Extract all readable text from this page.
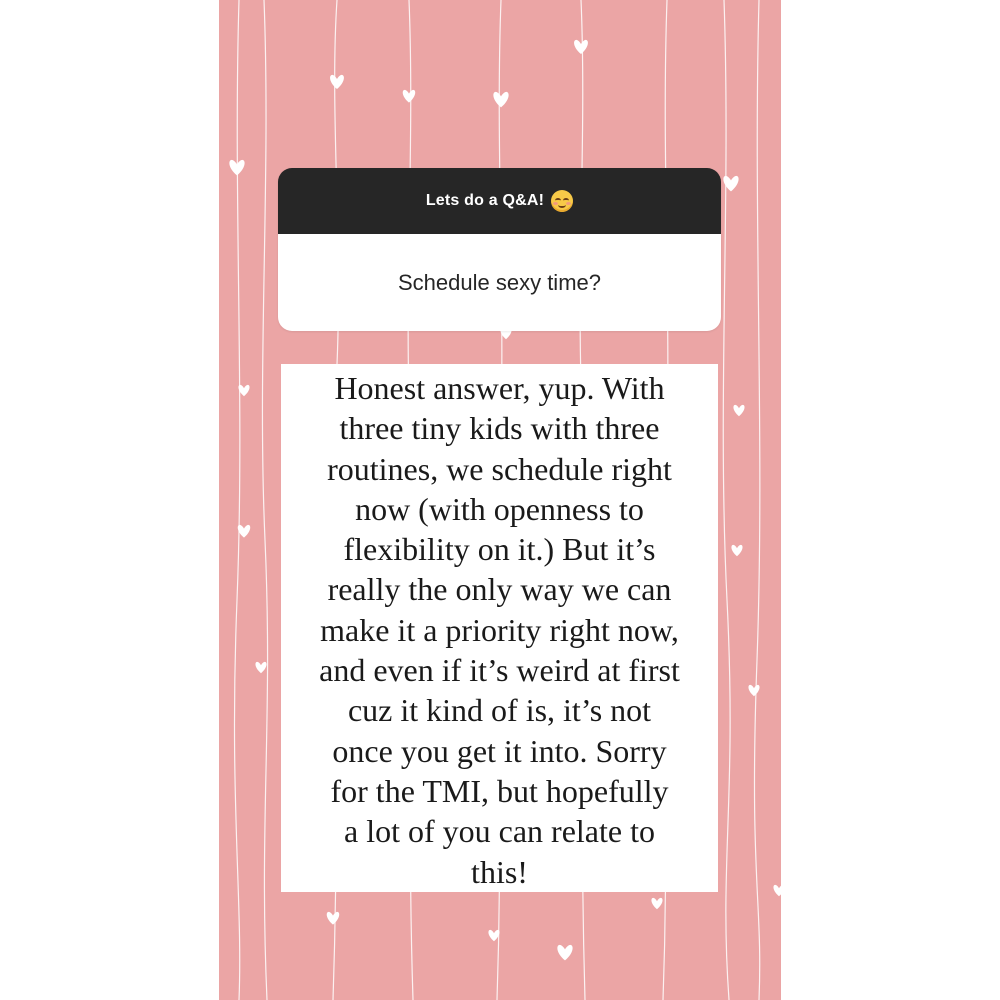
Lets do a Q&A!
Schedule sexy time?
Honest answer, yup. With
three tiny kids with three
routines, we schedule right
now (with openness to
flexibility on it.) But it’s
really the only way we can
make it a priority right now,
and even if it’s weird at first
cuz it kind of is, it’s not
once you get it into. Sorry
for the TMI, but hopefully
a lot of you can relate to
this!
